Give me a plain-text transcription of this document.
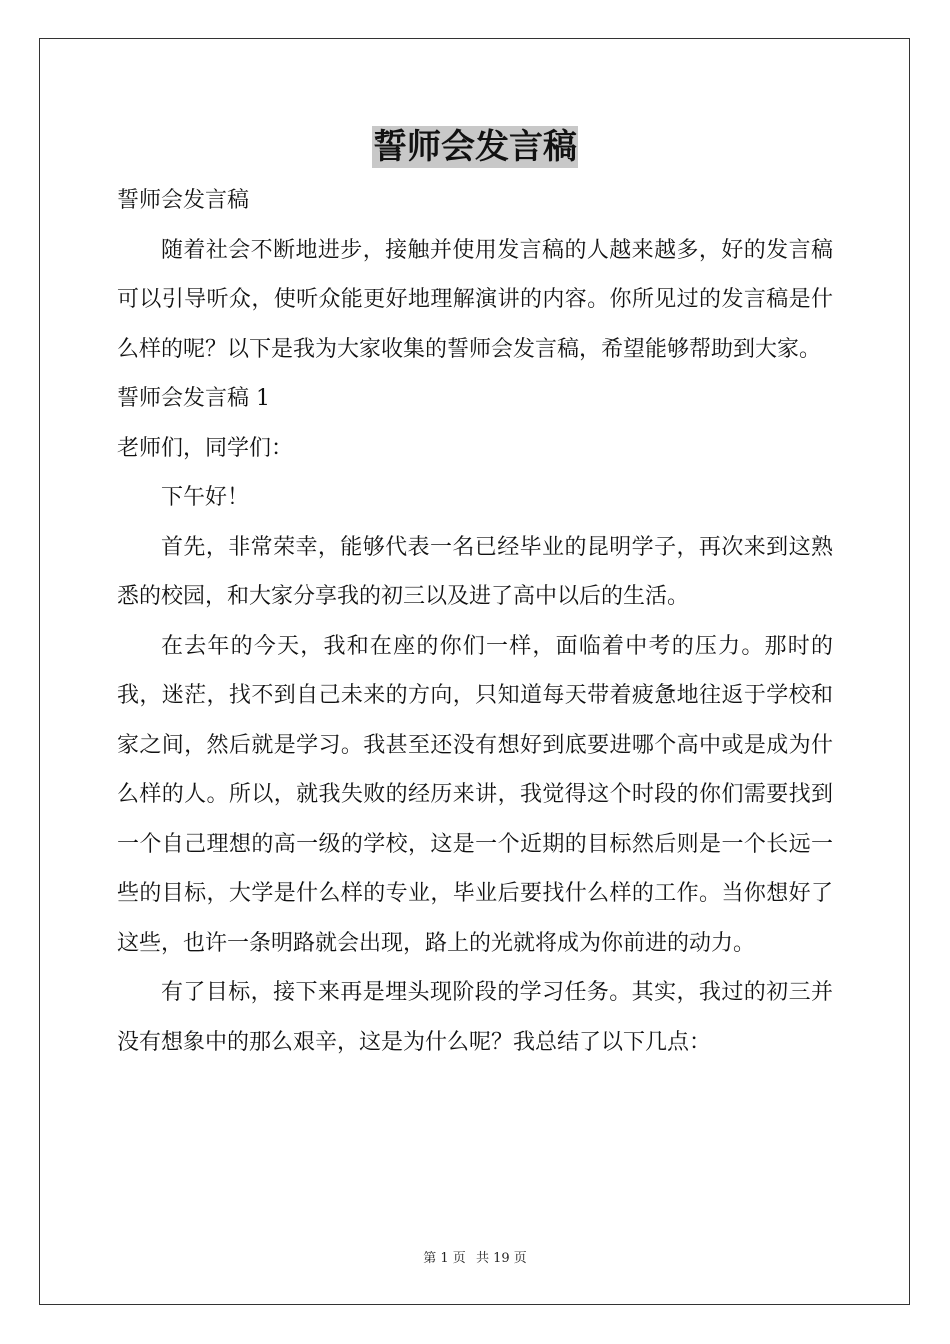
誓师会发言稿

誓师会发言稿

随着社会不断地进步，接触并使用发言稿的人越来越多，好的发言稿可以引导听众，使听众能更好地理解演讲的内容。你所见过的发言稿是什么样的呢？以下是我为大家收集的誓师会发言稿，希望能够帮助到大家。

誓师会发言稿 1

老师们，同学们：

下午好！

首先，非常荣幸，能够代表一名已经毕业的昆明学子，再次来到这熟悉的校园，和大家分享我的初三以及进了高中以后的生活。

在去年的今天，我和在座的你们一样，面临着中考的压力。那时的我，迷茫，找不到自己未来的方向，只知道每天带着疲惫地往返于学校和家之间，然后就是学习。我甚至还没有想好到底要进哪个高中或是成为什么样的人。所以，就我失败的经历来讲，我觉得这个时段的你们需要找到一个自己理想的高一级的学校，这是一个近期的目标然后则是一个长远一些的目标，大学是什么样的专业，毕业后要找什么样的工作。当你想好了这些，也许一条明路就会出现，路上的光就将成为你前进的动力。

有了目标，接下来再是埋头现阶段的学习任务。其实，我过的初三并没有想象中的那么艰辛，这是为什么呢？我总结了以下几点：

第 1 页 共 19 页
